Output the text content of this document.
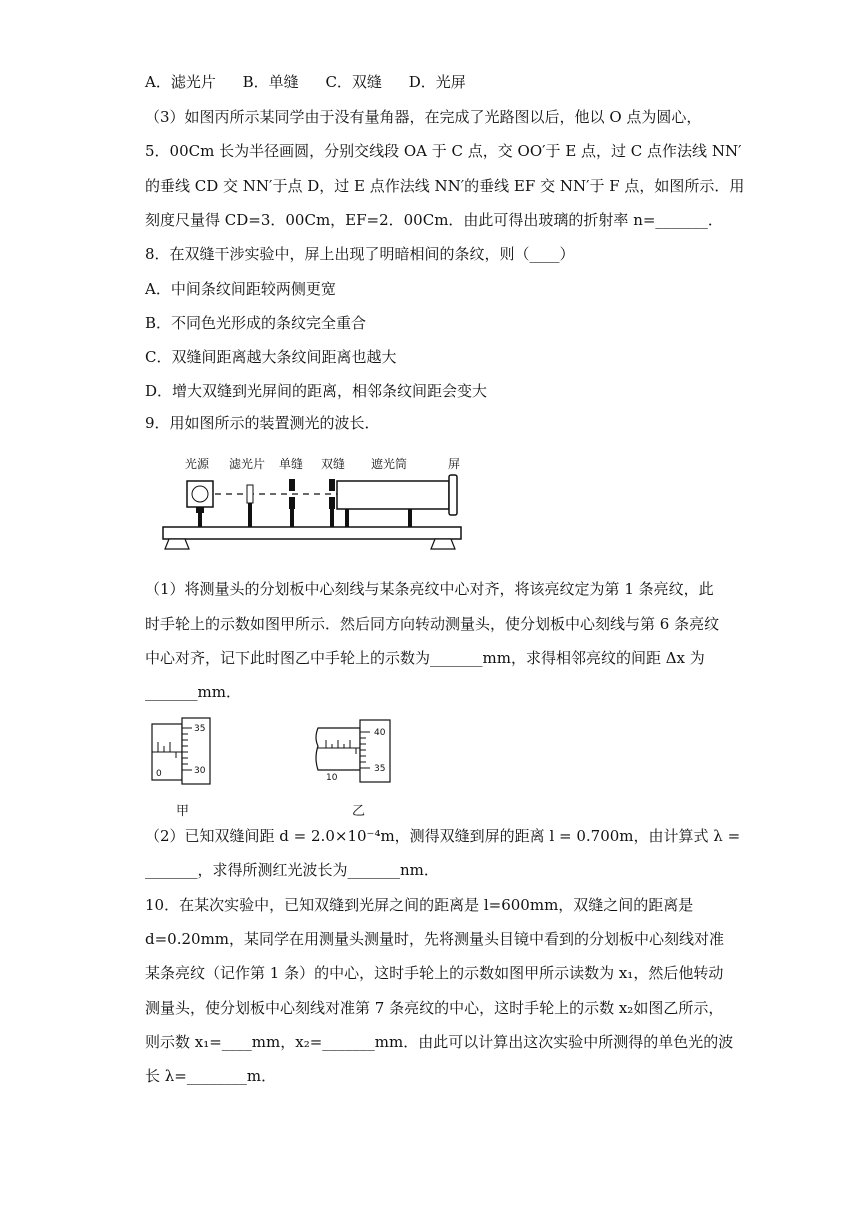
A．滤光片 B．单缝 C．双缝 D．光屏
（3）如图丙所示某同学由于没有量角器，在完成了光路图以后，他以 O 点为圆心，
5．00Cm 长为半径画圆，分别交线段 OA 于 C 点，交 OO′于 E 点，过 C 点作法线 NN′
的垂线 CD 交 NN′于点 D，过 E 点作法线 NN′的垂线 EF 交 NN′于 F 点，如图所示．用
刻度尺量得 CD=3．00Cm，EF=2．00Cm．由此可得出玻璃的折射率 n=_______．
8．在双缝干涉实验中，屏上出现了明暗相间的条纹，则（____）
A．中间条纹间距较两侧更宽
B．不同色光形成的条纹完全重合
C．双缝间距离越大条纹间距离也越大
D．增大双缝到光屏间的距离，相邻条纹间距会变大
9．用如图所示的装置测光的波长．
光源 滤光片 单缝 双缝 遮光筒	屏
（1）将测量头的分划板中心刻线与某条亮纹中心对齐，将该亮纹定为第 1 条亮纹，此
时手轮上的示数如图甲所示．然后同方向转动测量头，使分划板中心刻线与第 6 条亮纹
中心对齐，记下此时图乙中手轮上的示数为_______mm，求得相邻亮纹的间距 Δx 为
_______mm．
0
35
30
甲
10
40
35
乙
（2）已知双缝间距 d = 2.0×10⁻⁴m，测得双缝到屏的距离 l = 0.700m，由计算式 λ =
_______，求得所测红光波长为_______nm．
10．在某次实验中，已知双缝到光屏之间的距离是 l=600mm，双缝之间的距离是
d=0.20mm，某同学在用测量头测量时，先将测量头目镜中看到的分划板中心刻线对准
某条亮纹（记作第 1 条）的中心，这时手轮上的示数如图甲所示读数为 x₁，然后他转动
测量头，使分划板中心刻线对准第 7 条亮纹的中心，这时手轮上的示数 x₂如图乙所示，
则示数 x₁=____mm，x₂=_______mm．由此可以计算出这次实验中所测得的单色光的波
长 λ=________m．
